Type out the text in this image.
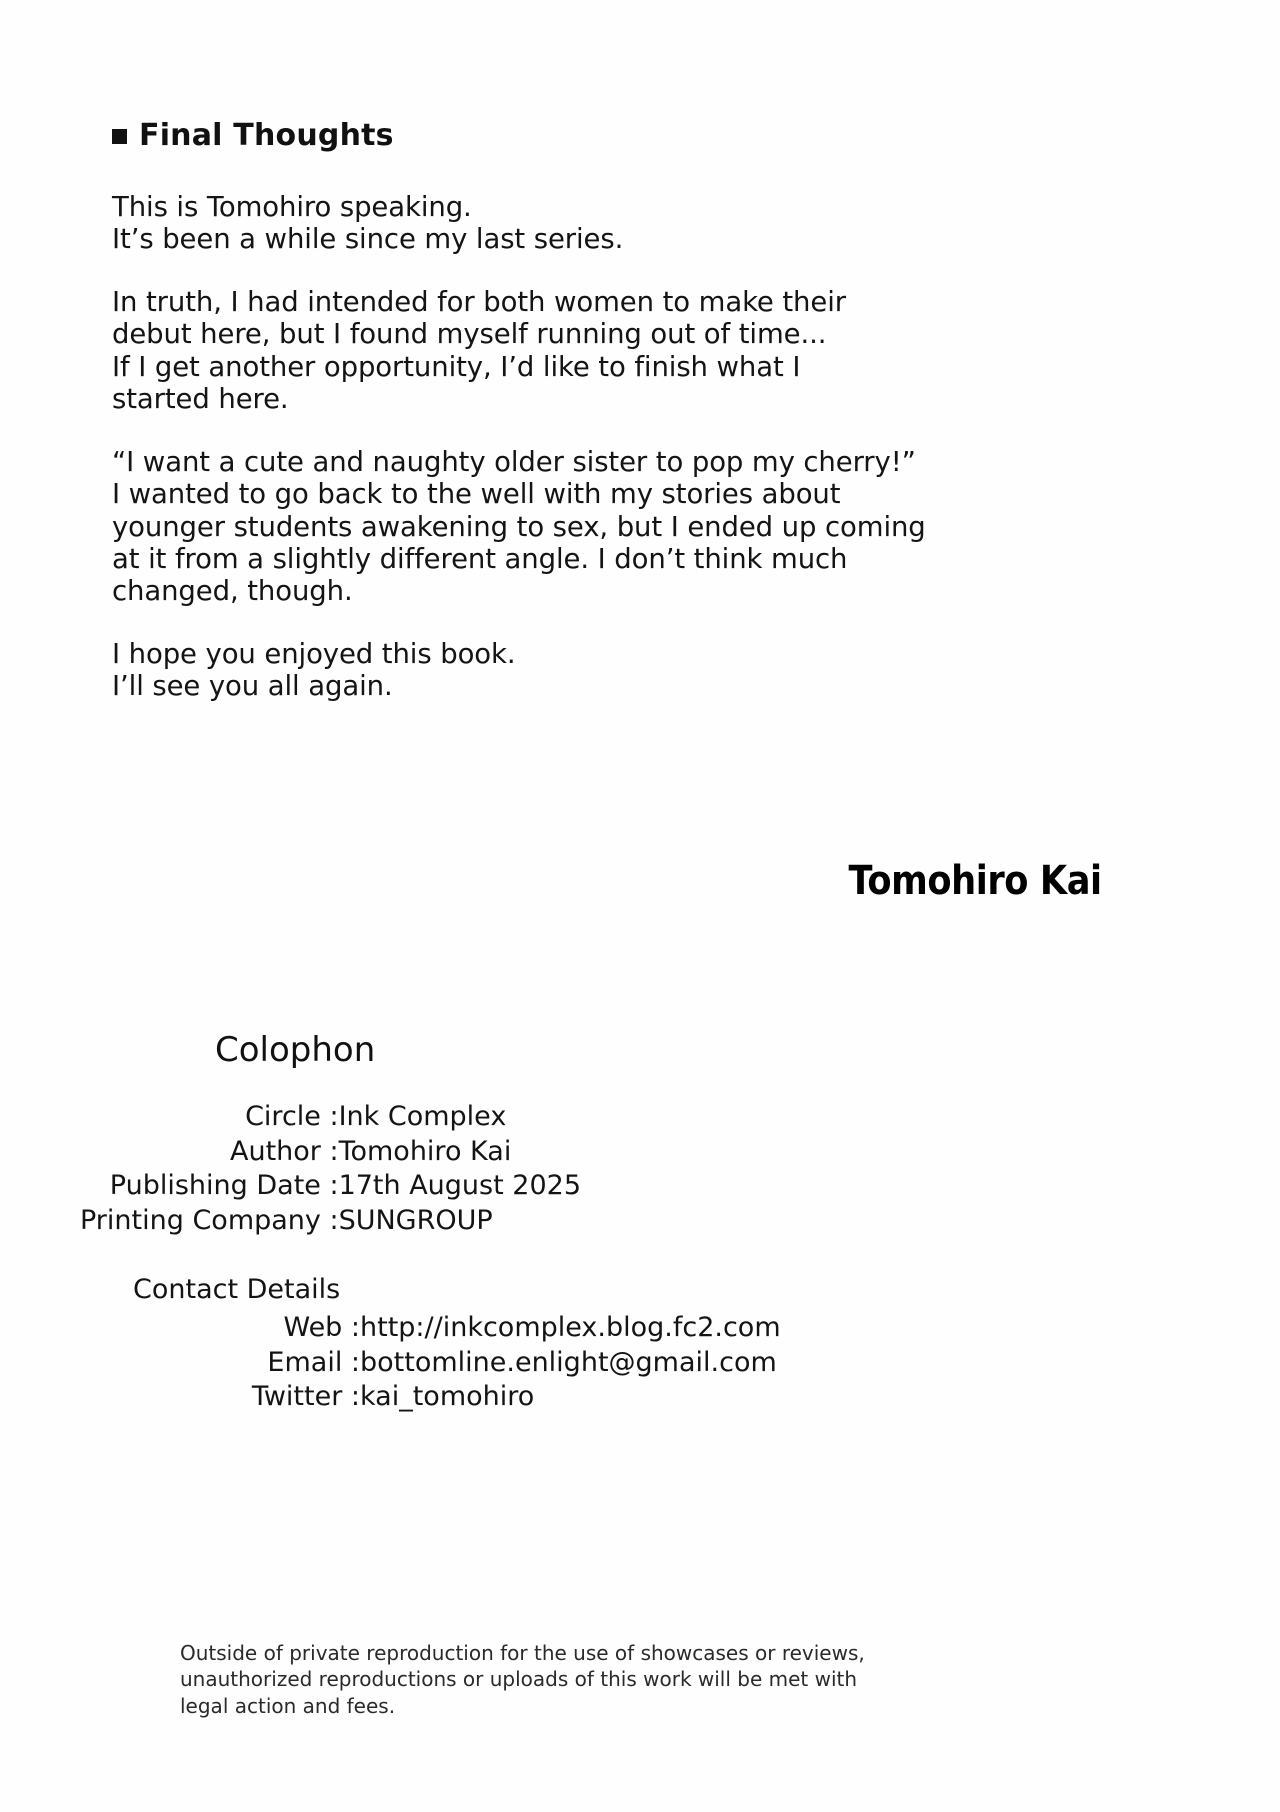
Final Thoughts

This is Tomohiro speaking.

It’s been a while since my last series.

In truth, I had intended for both women to make their

debut here, but I found myself running out of time...

If I get another opportunity, I’d like to finish what I

started here.

“I want a cute and naughty older sister to pop my cherry!”

I wanted to go back to the well with my stories about

younger students awakening to sex, but I ended up coming

at it from a slightly different angle. I don’t think much

changed, though.

I hope you enjoyed this book.

I’ll see you all again.

Tomohiro Kai
Colophon
Circle :	Ink Complex
Author :	Tomohiro Kai
Publishing Date :	17th August 2025
Printing Company :	SUNGROUP
Contact Details
Web :	http://inkcomplex.blog.fc2.com
Email :	bottomline.enlight@gmail.com
Twitter :	kai_tomohiro

Outside of private reproduction for the use of showcases or reviews,

unauthorized reproductions or uploads of this work will be met with

legal action and fees.
